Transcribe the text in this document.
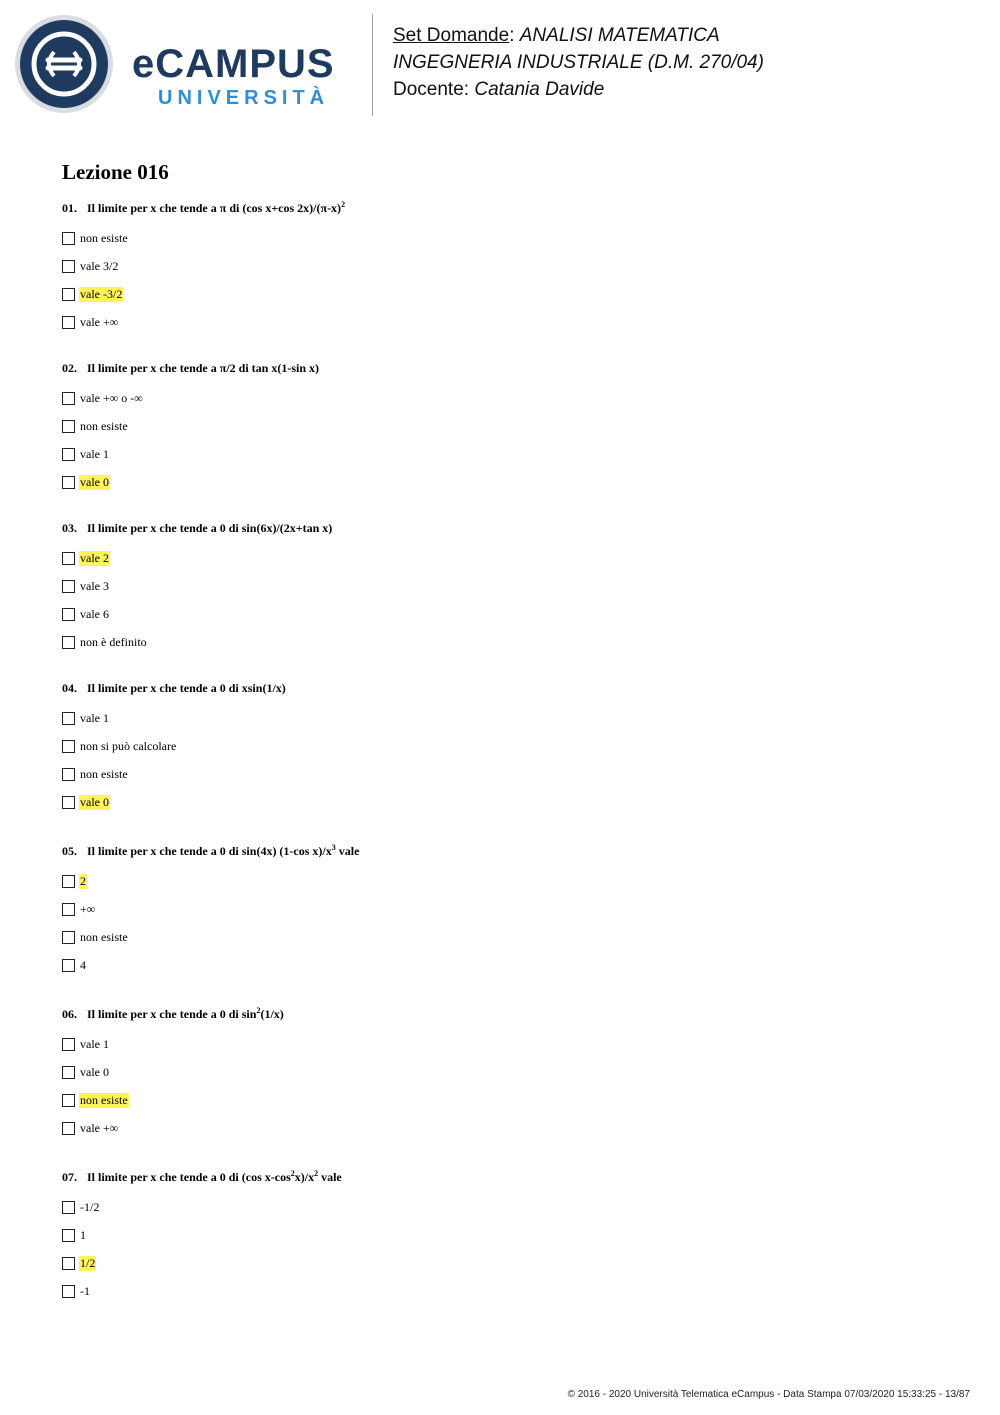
eCAMPUS
UNIVERSITÀ
Set Domande: ANALISI MATEMATICA
INGEGNERIA INDUSTRIALE (D.M. 270/04)
Docente: Catania Davide
Lezione 016
01. Il limite per x che tende a π di (cos x+cos $2x)/(\pi-x)^2$
non esiste
vale 3/2
vale -3/2
vale +∞
02. Il limite per x che tende a π/2 di tan x(1-sin x)
vale +∞ o -∞
non esiste
vale 1
vale 0
03. Il limite per x che tende a 0 di sin(6x)/(2x+tan x)
vale 2
vale 3
vale 6
non è definito
04. Il limite per x che tende a 0 di xsin(1/x)
vale 1
non si può calcolare
non esiste
vale 0
05. Il limite per x che tende a 0 di sin(4x) (1-cos $x)/x^3$ vale
2
+∞
non esiste
4
06. Il limite per x che tende a 0 di $\sin^2(1/x)$
vale 1
vale 0
non esiste
vale +∞
07. Il limite per x che tende a 0 di (cos $x-\cos^2x)/x^2$ vale
-1/2
1
1/2
-1
© 2016 - 2020 Università Telematica eCampus - Data Stampa 07/03/2020 15:33:25 - 13/87
